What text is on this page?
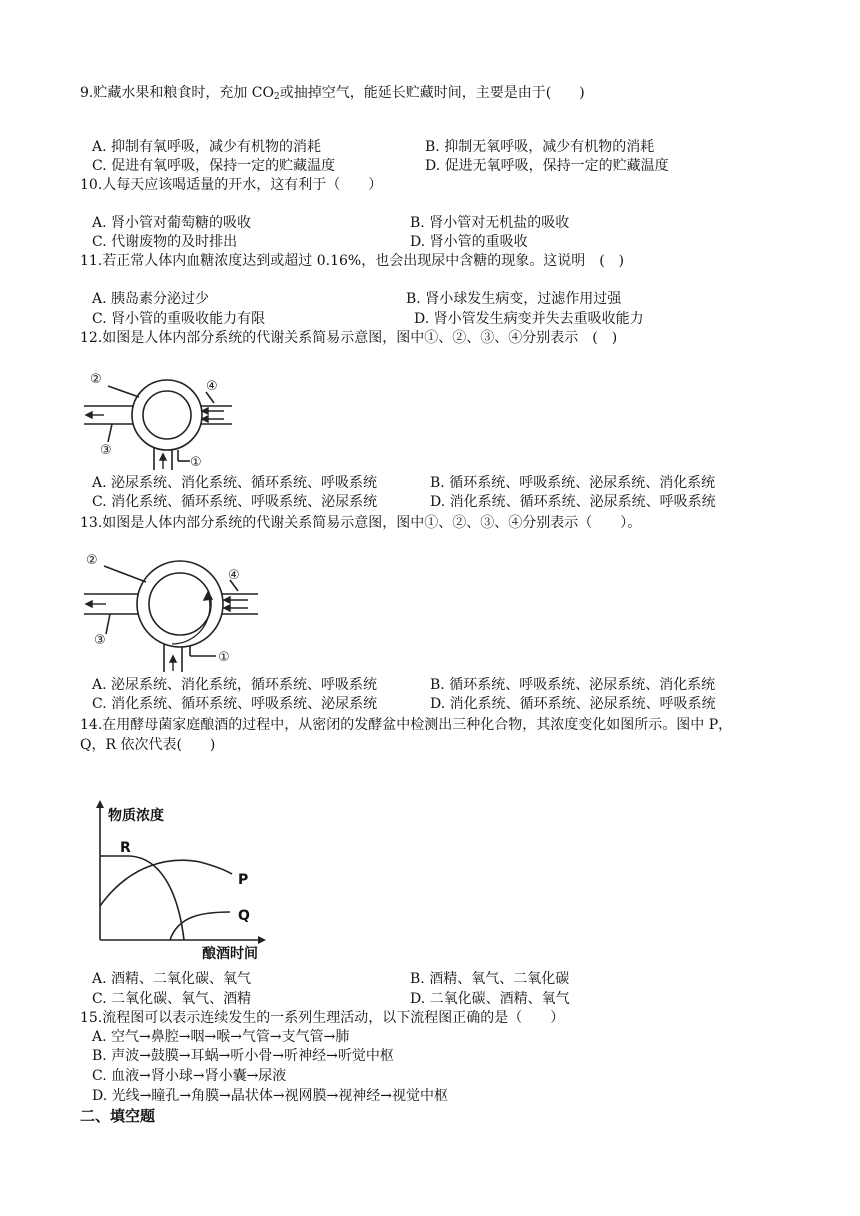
9.贮藏水果和粮食时，充加 $CO_2$或抽掉空气，能延长贮藏时间，主要是由于(　　)
A. 抑制有氧呼吸，减少有机物的消耗	B. 抑制无氧呼吸，减少有机物的消耗
C. 促进有氧呼吸，保持一定的贮藏温度	D. 促进无氧呼吸，保持一定的贮藏温度
10.人每天应该喝适量的开水，这有利于（　　）
A. 肾小管对葡萄糖的吸收	B. 肾小管对无机盐的吸收
C. 代谢废物的及时排出	D. 肾小管的重吸收
11.若正常人体内血糖浓度达到或超过 0.16%，也会出现尿中含糖的现象。这说明　(　)
A. 胰岛素分泌过少	B. 肾小球发生病变，过滤作用过强
C. 肾小管的重吸收能力有限	D. 肾小管发生病变并失去重吸收能力
12.如图是人体内部分系统的代谢关系简易示意图，图中①、②、③、④分别表示　(　)
②	④
③
①
A. 泌尿系统、消化系统、循环系统、呼吸系统	B. 循环系统、呼吸系统、泌尿系统、消化系统
C. 消化系统、循环系统、呼吸系统、泌尿系统	D. 消化系统、循环系统、泌尿系统、呼吸系统
13.如图是人体内部分系统的代谢关系简易示意图，图中①、②、③、④分别表示（　　）。
②
④
③
①
A. 泌尿系统、消化系统，循环系统、呼吸系统	B. 循环系统、呼吸系统、泌尿系统、消化系统
C. 消化系统、循环系统、呼吸系统、泌尿系统	D. 消化系统、循环系统、泌尿系统、呼吸系统
14.在用酵母菌家庭酿酒的过程中，从密闭的发酵盆中检测出三种化合物，其浓度变化如图所示。图中 P，
Q，R 依次代表(　　)
物质浓度
酿酒时间
R
P
Q
A. 酒精、二氧化碳、氧气	B. 酒精、氧气、二氧化碳
C. 二氧化碳、氧气、酒精	D. 二氧化碳、酒精、氧气
15.流程图可以表示连续发生的一系列生理活动，以下流程图正确的是（　　）
A. 空气→鼻腔→咽→喉→气管→支气管→肺
B. 声波→鼓膜→耳蜗→听小骨→听神经→听觉中枢
C. 血液→肾小球→肾小囊→尿液
D. 光线→瞳孔→角膜→晶状体→视网膜→视神经→视觉中枢
二、填空题
